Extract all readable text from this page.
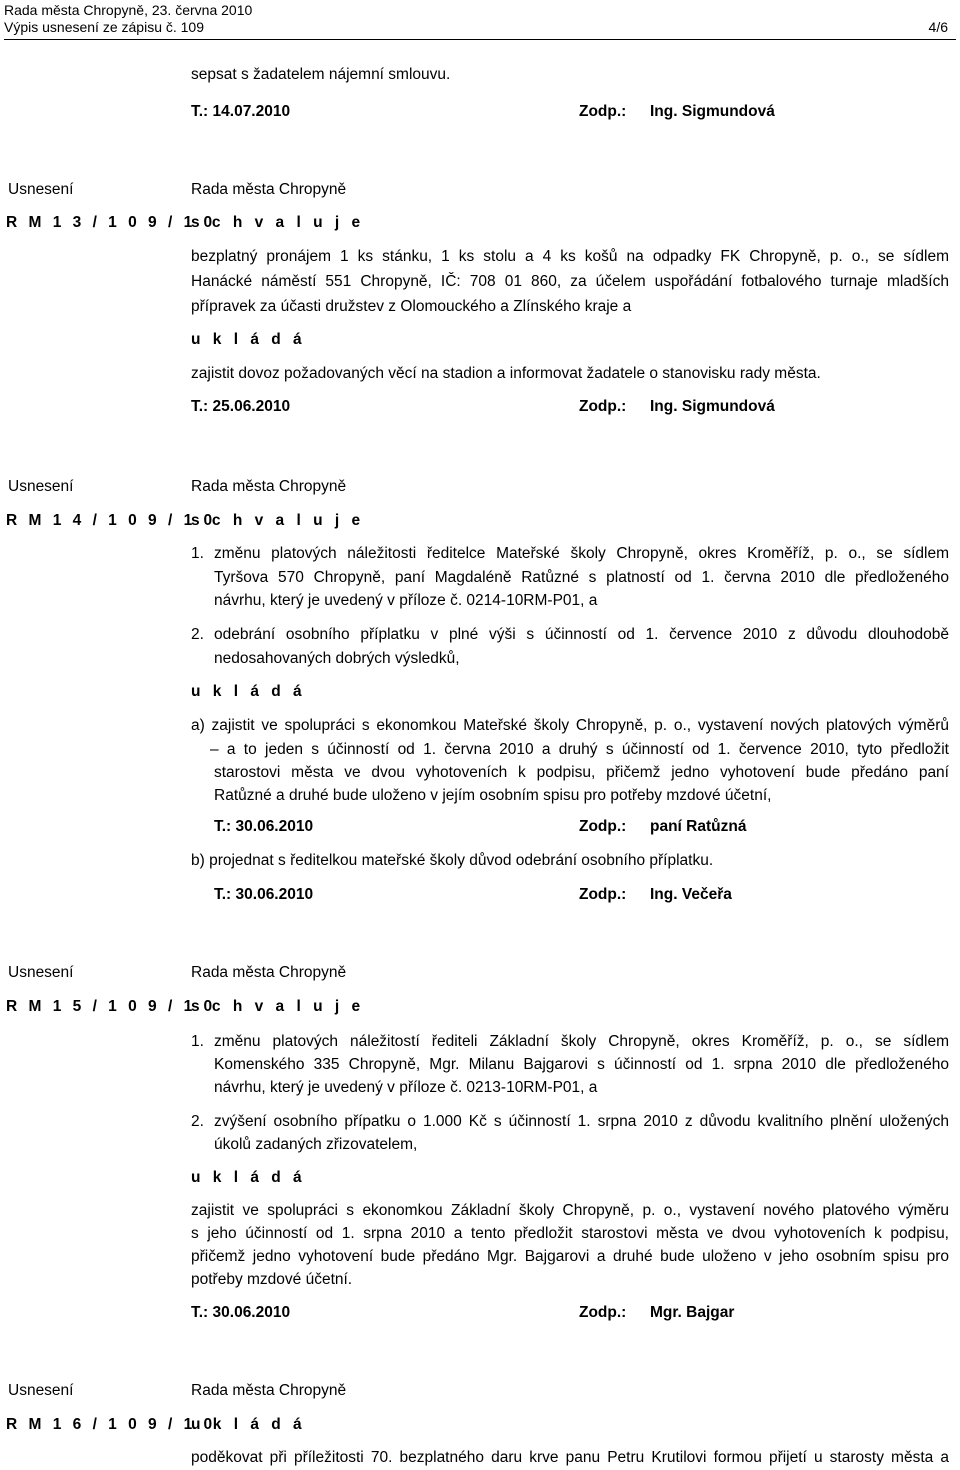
Rada města Chropyně, 23. června 2010
Výpis usnesení ze zápisu č. 109	4/6
sepsat s žadatelem nájemní smlouvu.
T.: 14.07.2010	Zodp.: Ing. Sigmundová
Usnesení	Rada města Chropyně
R M 1 3 / 1 0 9 / 1 0
s c h v a l u j e
bezplatný pronájem 1 ks stánku, 1 ks stolu a 4 ks košů na odpadky FK Chropyně, p. o., se sídlem
Hanácké náměstí 551 Chropyně, IČ: 708 01 860, za účelem uspořádání fotbalového turnaje mladších
přípravek za účasti družstev z Olomouckého a Zlínského kraje a
u k l á d á
zajistit dovoz požadovaných věcí na stadion a informovat žadatele o stanovisku rady města.
T.: 25.06.2010	Zodp.: Ing. Sigmundová
Usnesení	Rada města Chropyně
R M 1 4 / 1 0 9 / 1 0
s c h v a l u j e
1. změnu platových náležitosti ředitelce Mateřské školy Chropyně, okres Kroměříž, p. o., se sídlem
Tyršova 570 Chropyně, paní Magdaléně Ratůzné s platností od 1. června 2010 dle předloženého
návrhu, který je uvedený v příloze č. 0214-10RM-P01, a
2. odebrání osobního příplatku v plné výši s účinností od 1. července 2010 z důvodu dlouhodobě
nedosahovaných dobrých výsledků,
u k l á d á
a) zajistit ve spolupráci s ekonomkou Mateřské školy Chropyně, p. o., vystavení nových platových výměrů
– a to jeden s účinností od 1. června 2010 a druhý s účinností od 1. července 2010, tyto předložit
starostovi města ve dvou vyhotoveních k podpisu, přičemž jedno vyhotovení bude předáno paní
Ratůzné a druhé bude uloženo v jejím osobním spisu pro potřeby mzdové účetní,
T.: 30.06.2010	Zodp.: paní Ratůzná
b) projednat s ředitelkou mateřské školy důvod odebrání osobního příplatku.
T.: 30.06.2010	Zodp.: Ing. Večeřa
Usnesení	Rada města Chropyně
R M 1 5 / 1 0 9 / 1 0
s c h v a l u j e
1. změnu platových náležitostí řediteli Základní školy Chropyně, okres Kroměříž, p. o., se sídlem
Komenského 335 Chropyně, Mgr. Milanu Bajgarovi s účinností od 1. srpna 2010 dle předloženého
návrhu, který je uvedený v příloze č. 0213-10RM-P01, a
2. zvýšení osobního přípatku o 1.000 Kč s účinností 1. srpna 2010 z důvodu kvalitního plnění uložených
úkolů zadaných zřizovatelem,
u k l á d á
zajistit ve spolupráci s ekonomkou Základní školy Chropyně, p. o., vystavení nového platového výměru
s jeho účinností od 1. srpna 2010 a tento předložit starostovi města ve dvou vyhotoveních k podpisu,
přičemž jedno vyhotovení bude předáno Mgr. Bajgarovi a druhé bude uloženo v jeho osobním spisu pro
potřeby mzdové účetní.
T.: 30.06.2010	Zodp.: Mgr. Bajgar
Usnesení	Rada města Chropyně
R M 1 6 / 1 0 9 / 1 0
u k l á d á
poděkovat při příležitosti 70. bezplatného daru krve panu Petru Krutilovi formou přijetí u starosty města a
